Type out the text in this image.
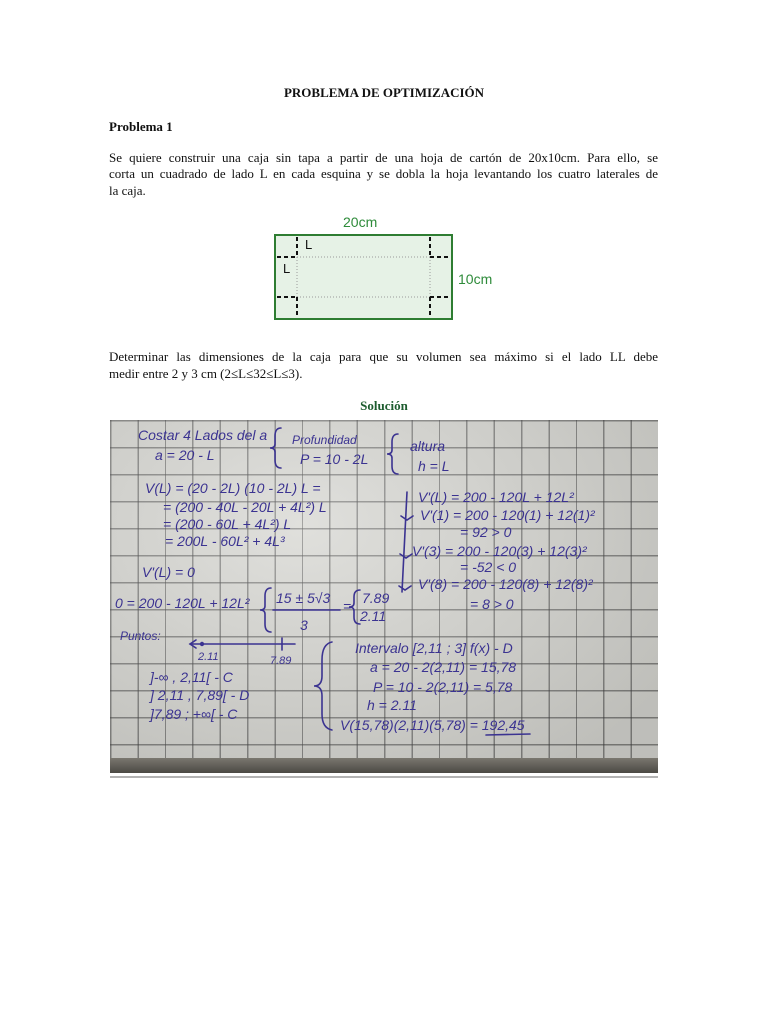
PROBLEMA DE OPTIMIZACIÓN
Problema 1
Se quiere construir una caja sin tapa a partir de una hoja de cartón de 20x10cm. Para ello, se
corta un cuadrado de lado L en cada esquina y se dobla la hoja levantando los cuatro laterales de
la caja.
20cm
10cm
L
L
Determinar las dimensiones de la caja para que su volumen sea máximo si el lado LL debe
medir entre 2 y 3 cm (2≤L≤32≤L≤3).
Solución
Costar 4 Lados del a
a = 20 - L
Profundidad
P = 10 - 2L
altura
h = L
V(L) = (20 - 2L) (10 - 2L) L =
= (200 - 40L - 20L + 4L²) L
= (200 - 60L + 4L²) L
= 200L - 60L² + 4L³
V'(L) = 200 - 120L + 12L²
V'(1) = 200 - 120(1) + 12(1)²
= 92 > 0
V'(3) = 200 - 120(3) + 12(3)²
= -52 < 0
V'(8) = 200 - 120(8) + 12(8)²
= 8 > 0
V'(L) = 0
0 = 200 - 120L + 12L² 15 ± 5√3
3
= 7.89
2.11
Puntos:
2.11	7.89
]-∞ , 2,11[ - C
] 2,11 , 7,89[ - D
]7,89 ; +∞[ - C
Intervalo [2,11 ; 3] f(x) - D
a = 20 - 2(2,11) = 15,78
P = 10 - 2(2,11) = 5,78
h = 2.11
V(15,78)(2,11)(5,78) = 192,45
